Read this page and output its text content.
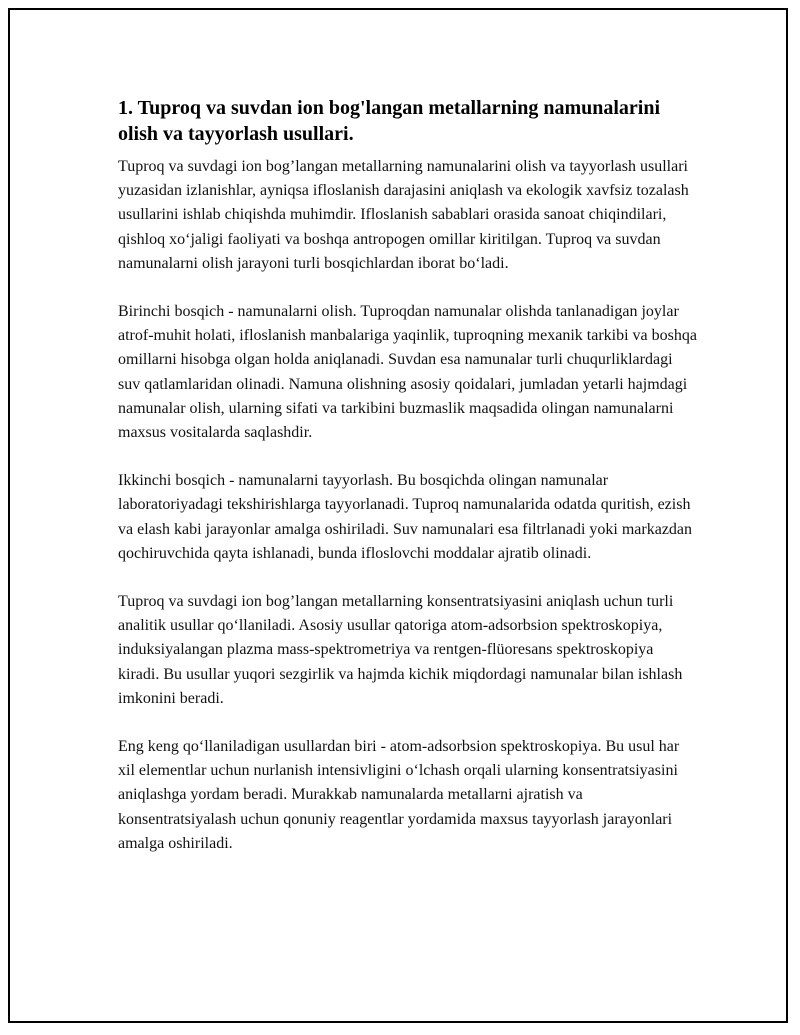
1. Tuproq va suvdan ion bog'langan metallarning namunalarini olish va tayyorlash usullari.

Tuproq va suvdagi ion bog’langan metallarning namunalarini olish va tayyorlash usullari yuzasidan izlanishlar, ayniqsa ifloslanish darajasini aniqlash va ekologik xavfsiz tozalash usullarini ishlab chiqishda muhimdir. Ifloslanish sabablari orasida sanoat chiqindilari, qishloq xo‘jaligi faoliyati va boshqa antropogen omillar kiritilgan. Tuproq va suvdan namunalarni olish jarayoni turli bosqichlardan iborat bo‘ladi.

Birinchi bosqich - namunalarni olish. Tuproqdan namunalar olishda tanlanadigan joylar atrof-muhit holati, ifloslanish manbalariga yaqinlik, tuproqning mexanik tarkibi va boshqa omillarni hisobga olgan holda aniqlanadi. Suvdan esa namunalar turli chuqurliklardagi suv qatlamlaridan olinadi. Namuna olishning asosiy qoidalari, jumladan yetarli hajmdagi namunalar olish, ularning sifati va tarkibini buzmaslik maqsadida olingan namunalarni maxsus vositalarda saqlashdir.

Ikkinchi bosqich - namunalarni tayyorlash. Bu bosqichda olingan namunalar laboratoriyadagi tekshirishlarga tayyorlanadi. Tuproq namunalarida odatda quritish, ezish va elash kabi jarayonlar amalga oshiriladi. Suv namunalari esa filtrlanadi yoki markazdan qochiruvchida qayta ishlanadi, bunda ifloslovchi moddalar ajratib olinadi.

Tuproq va suvdagi ion bog’langan metallarning konsentratsiyasini aniqlash uchun turli analitik usullar qo‘llaniladi. Asosiy usullar qatoriga atom-adsorbsion spektroskopiya, induksiyalangan plazma mass-spektrometriya va rentgen-flüoresans spektroskopiya kiradi. Bu usullar yuqori sezgirlik va hajmda kichik miqdordagi namunalar bilan ishlash imkonini beradi.

Eng keng qo‘llaniladigan usullardan biri - atom-adsorbsion spektroskopiya. Bu usul har xil elementlar uchun nurlanish intensivligini o‘lchash orqali ularning konsentratsiyasini aniqlashga yordam beradi. Murakkab namunalarda metallarni ajratish va konsentratsiyalash uchun qonuniy reagentlar yordamida maxsus tayyorlash jarayonlari amalga oshiriladi.
